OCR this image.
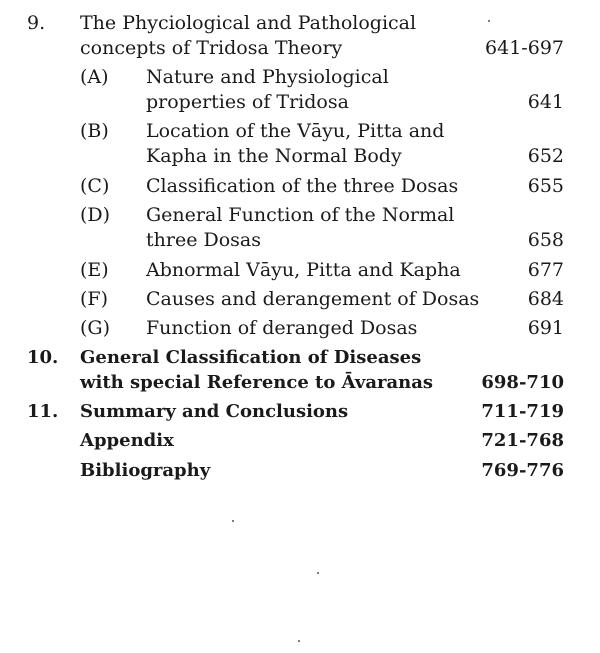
9. The Phyciological and Pathological
concepts of Tridosa Theory	641-697
(A) Nature and Physiological
properties of Tridosa	641
(B) Location of the Vāyu, Pitta and
Kapha in the Normal Body	652
(C) Classification of the three Dosas	655
(D) General Function of the Normal
three Dosas	658
(E) Abnormal Vāyu, Pitta and Kapha	677
(F) Causes and derangement of Dosas	684
(G) Function of deranged Dosas	691
10. General Classification of Diseases
with special Reference to Āvaranas	698-710
11. Summary and Conclusions	711-719
Appendix	721-768
Bibliography	769-776
